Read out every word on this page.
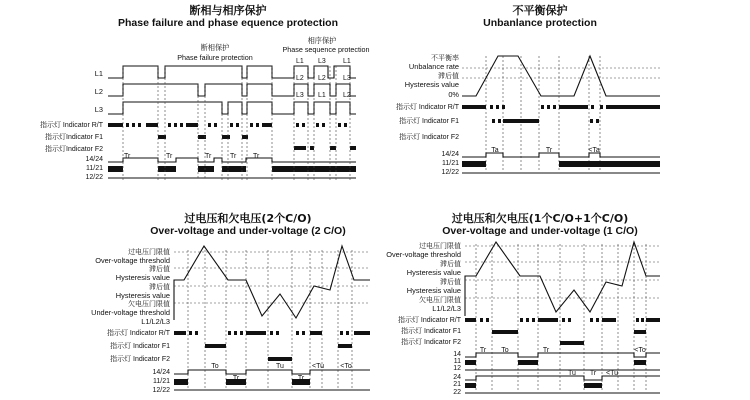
断相与相序保护
Phase failure and phase equence protection
断相保护
Phase failure protection
相序保护
Phase sequence protection
L1
L2
L3
指示灯 Indicator R/T
指示灯Indicator F1
指示灯Indicator F2
14/24
11/21
12/22
L1 L3 L1
L2
L1 L2
L3
L2 L3
Tr	Tr	Tr	Tr Tr
不平衡保护
Unbanlance protection
不平衡率
Unbalance rate
滞后值
Hysteresis value
0%
指示灯 Indicator R/T
指示灯 Indicator F1
指示灯 Indicator F2
14/24
11/21
12/22
Ta	Tr	<Ta
过电压和欠电压(2个C/O)
Over-voltage and under-voltage (2 C/O)
过电压门限值
Over-voltage threshold
滞后值
Hysteresis value
滞后值
Hysteresis value
欠电压门限值
Under-voltage threshold
L1/L2/L3
指示灯 Indicator R/T
指示灯 Indicator F1
指示灯 Indicator F2
14/24
11/21
12/22
To
Tr
Tu
Tr
<Tu <To
过电压和欠电压(1个C/O+1个C/O)
Over-voltage and under-voltage (1 C/O)
过电压门限值
Over-voltage threshold
滞后值
Hysteresis value
滞后值
Hysteresis value
欠电压门限值
L1/L2/L3
指示灯 Indicator R/T
指示灯 Indicator F1
指示灯 Indicator F2
14
11
12
24
21
22
Tr To	Tr
Tu Tr
<To
<Tu
